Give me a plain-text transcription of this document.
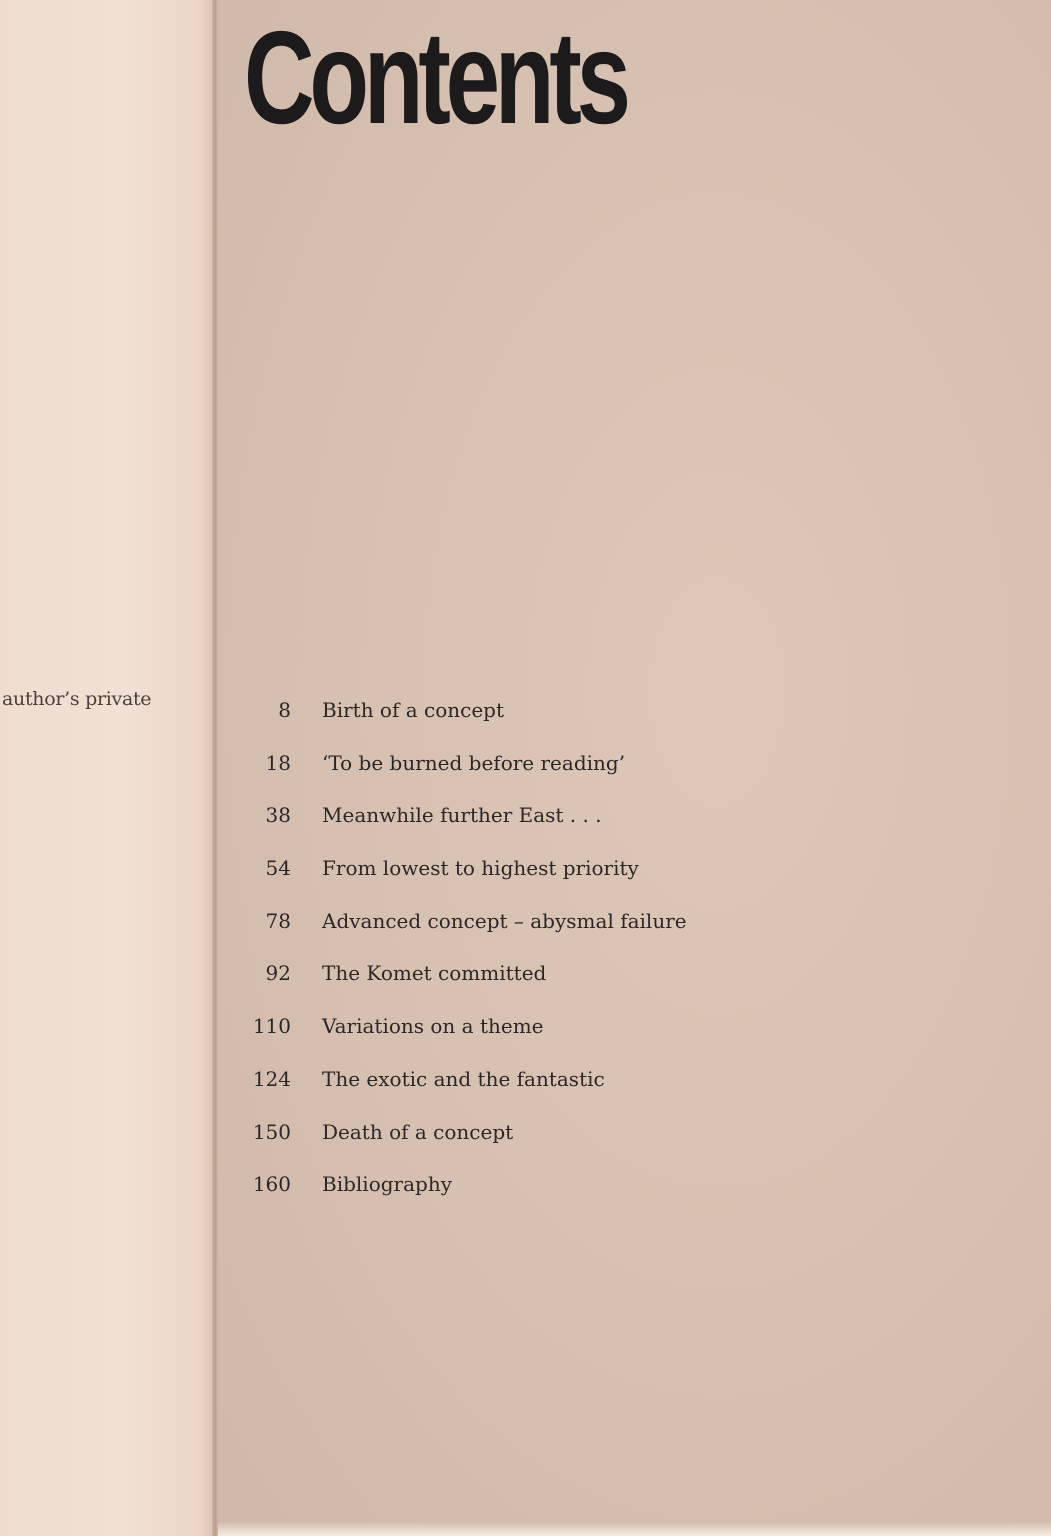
author’s private
Contents
8 Birth of a concept
18 ‘To be burned before reading’
38 Meanwhile further East . . .
54 From lowest to highest priority
78 Advanced concept – abysmal failure
92 The Komet committed
110 Variations on a theme
124 The exotic and the fantastic
150 Death of a concept
160 Bibliography
